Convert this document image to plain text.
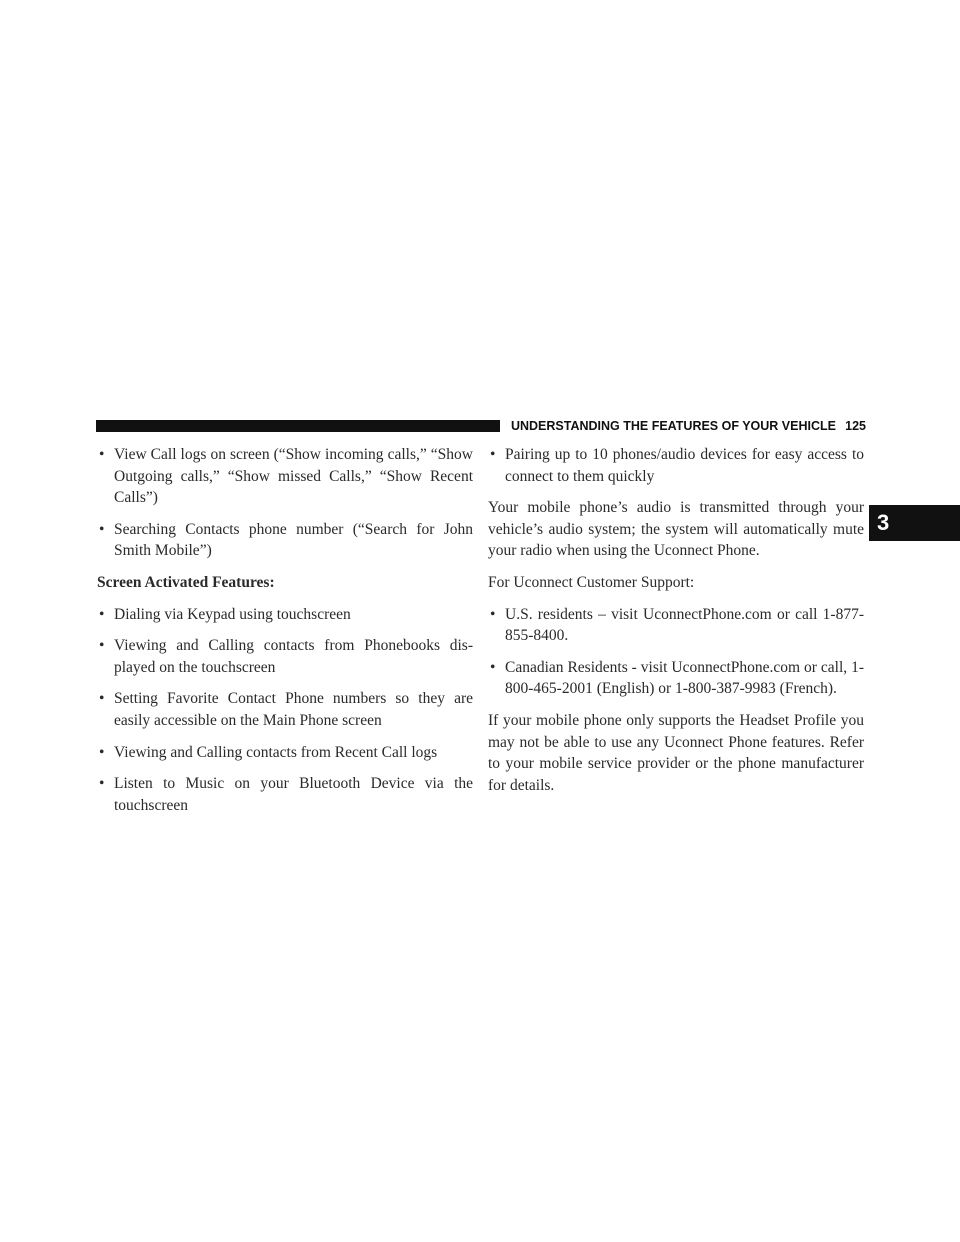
UNDERSTANDING THE FEATURES OF YOUR VEHICLE 125
3
• View Call logs on screen (“Show incoming calls,” “Show Outgoing calls,” “Show missed Calls,” “Show Recent Calls”)
• Searching Contacts phone number (“Search for John Smith Mobile”)
Screen Activated Features:
• Dialing via Keypad using touchscreen
• Viewing and Calling contacts from Phonebooks dis-played on the touchscreen
• Setting Favorite Contact Phone numbers so they are easily accessible on the Main Phone screen
• Viewing and Calling contacts from Recent Call logs
• Listen to Music on your Bluetooth Device via the touchscreen
• Pairing up to 10 phones/audio devices for easy access to connect to them quickly
Your mobile phone’s audio is transmitted through your vehicle’s audio system; the system will automatically mute your radio when using the Uconnect Phone.
For Uconnect Customer Support:
• U.S. residents – visit UconnectPhone.com or call 1-877-855-8400.
• Canadian Residents - visit UconnectPhone.com or call, 1-800-465-2001 (English) or 1-800-387-9983 (French).
If your mobile phone only supports the Headset Profile you may not be able to use any Uconnect Phone features. Refer to your mobile service provider or the phone manufacturer for details.
